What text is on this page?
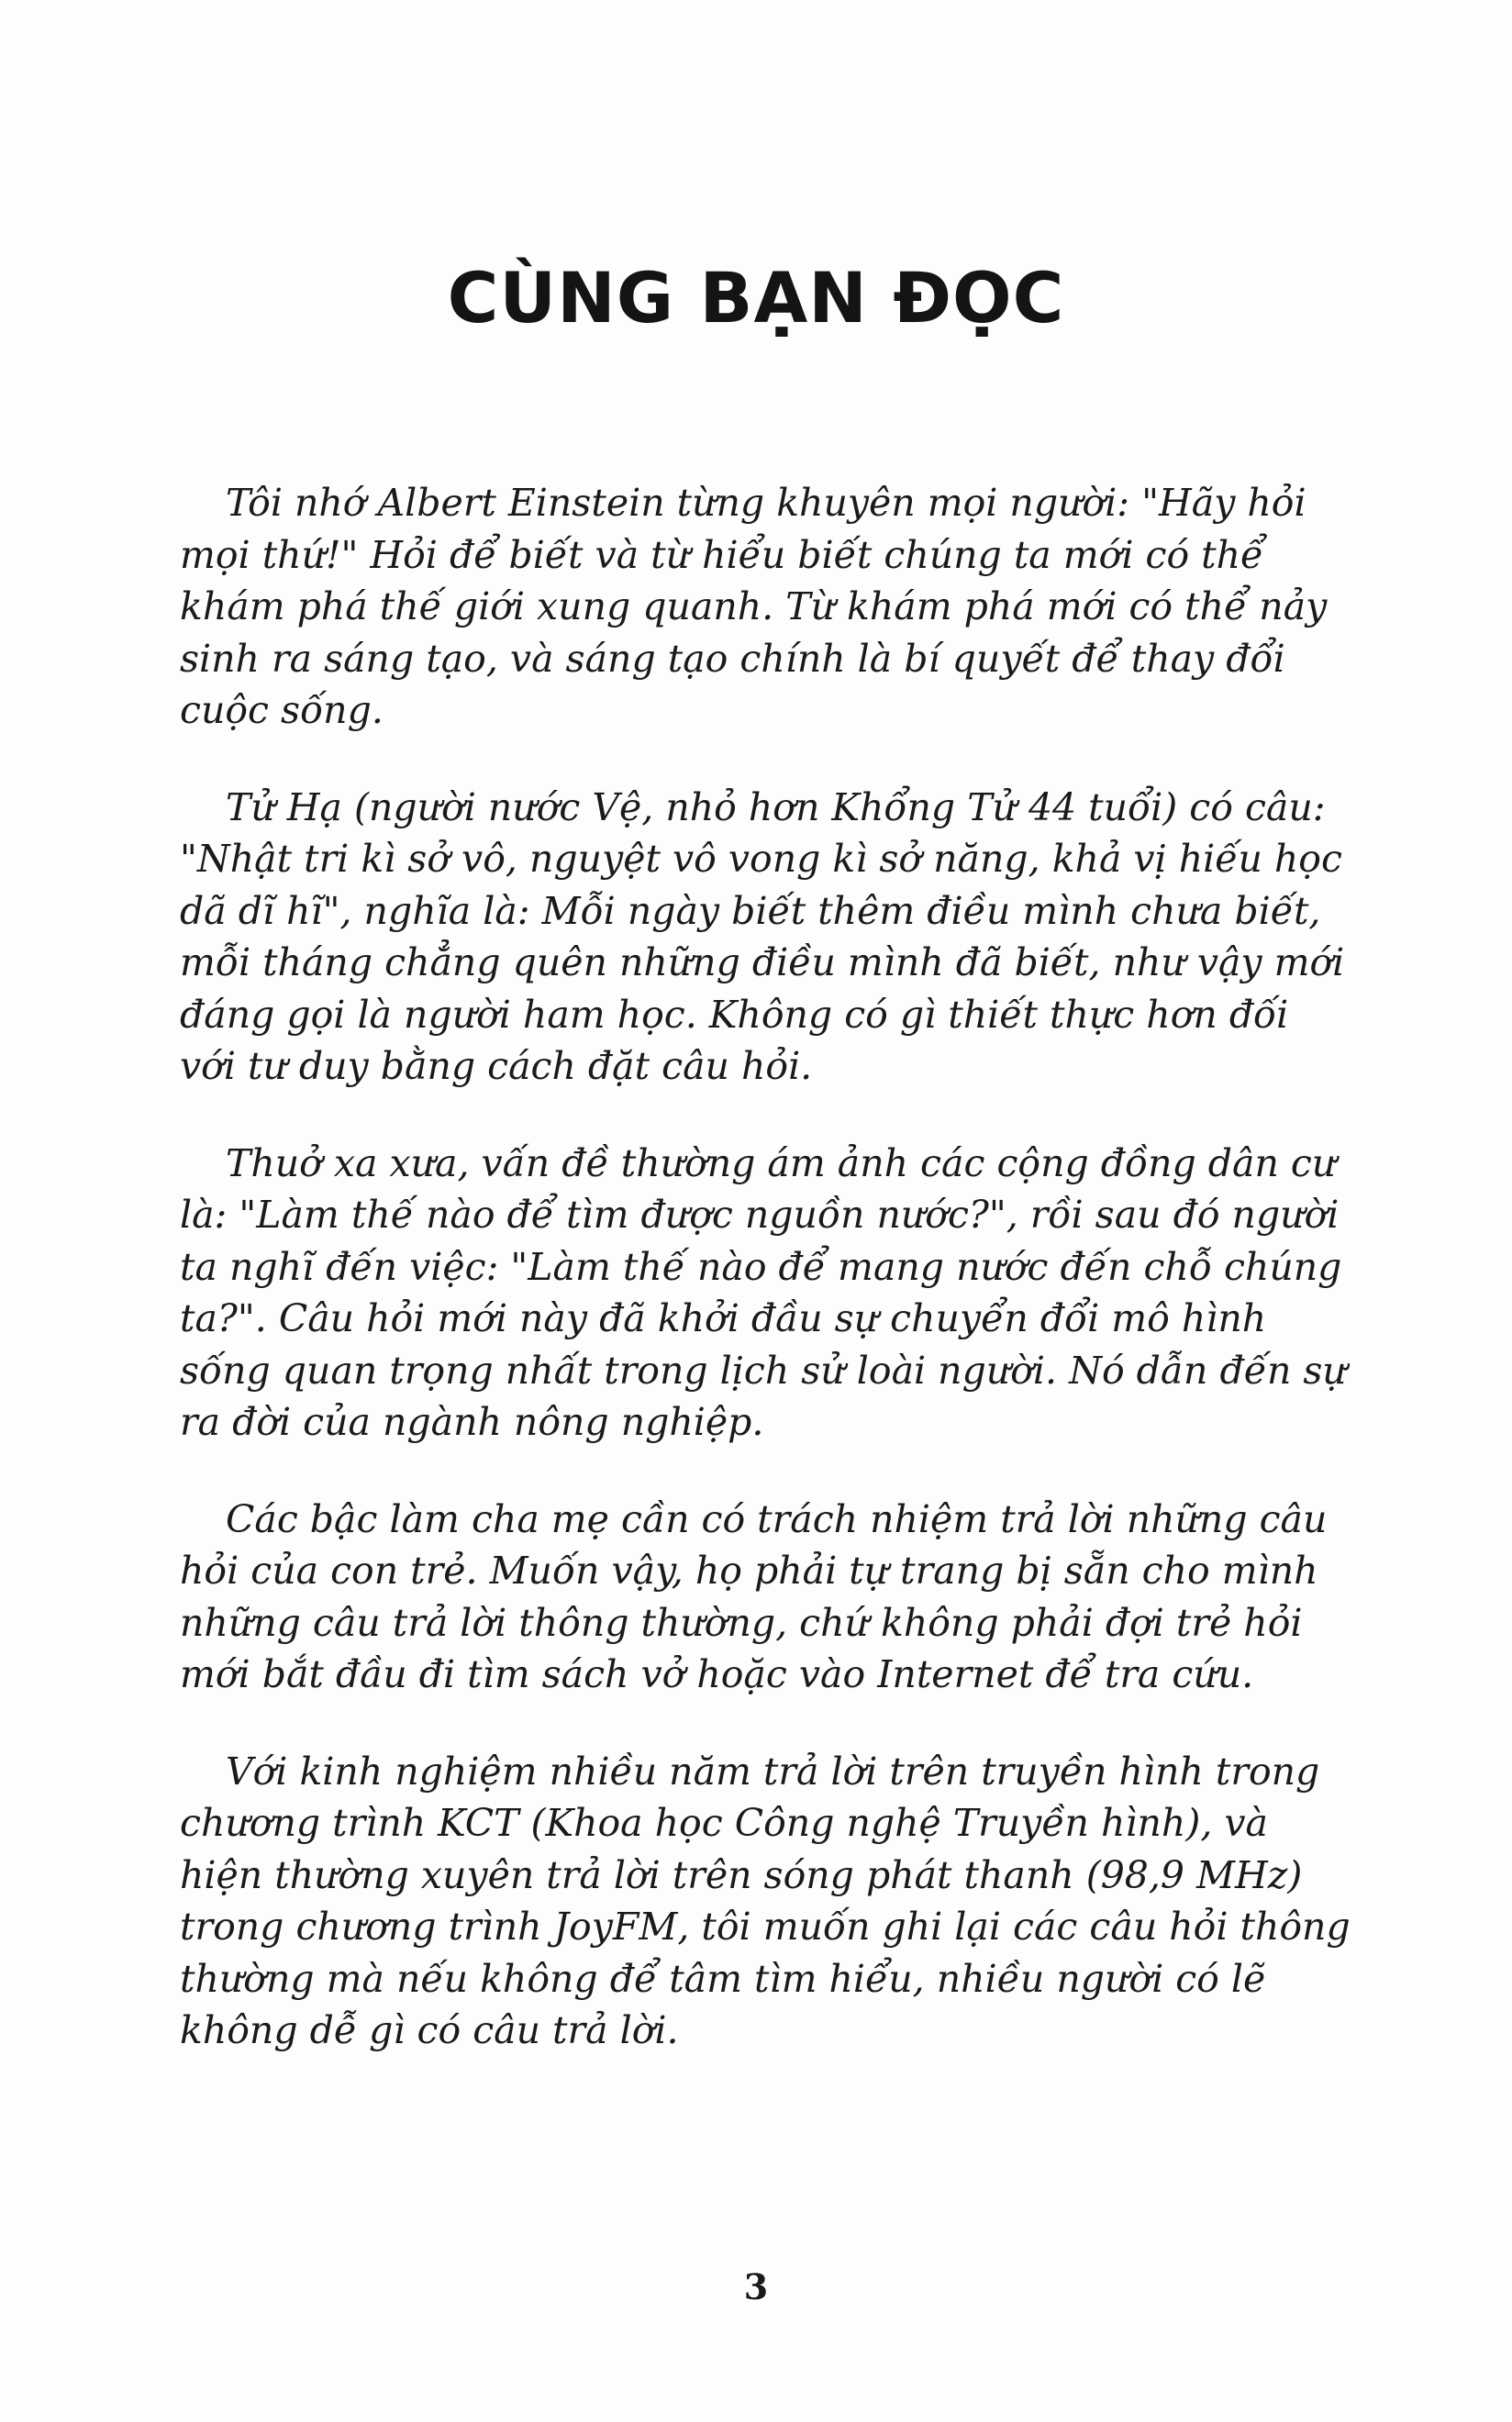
CÙNG BẠN ĐỌC

Tôi nhớ Albert Einstein từng khuyên mọi người: "Hãy hỏi mọi thứ!" Hỏi để biết và từ hiểu biết chúng ta mới có thể khám phá thế giới xung quanh. Từ khám phá mới có thể nảy sinh ra sáng tạo, và sáng tạo chính là bí quyết để thay đổi cuộc sống.

Tử Hạ (người nước Vệ, nhỏ hơn Khổng Tử 44 tuổi) có câu: "Nhật tri kì sở vô, nguyệt vô vong kì sở năng, khả vị hiếu học dã dĩ hĩ", nghĩa là: Mỗi ngày biết thêm điều mình chưa biết, mỗi tháng chẳng quên những điều mình đã biết, như vậy mới đáng gọi là người ham học. Không có gì thiết thực hơn đối với tư duy bằng cách đặt câu hỏi.

Thuở xa xưa, vấn đề thường ám ảnh các cộng đồng dân cư là: "Làm thế nào để tìm được nguồn nước?", rồi sau đó người ta nghĩ đến việc: "Làm thế nào để mang nước đến chỗ chúng ta?". Câu hỏi mới này đã khởi đầu sự chuyển đổi mô hình sống quan trọng nhất trong lịch sử loài người. Nó dẫn đến sự ra đời của ngành nông nghiệp.

Các bậc làm cha mẹ cần có trách nhiệm trả lời những câu hỏi của con trẻ. Muốn vậy, họ phải tự trang bị sẵn cho mình những câu trả lời thông thường, chứ không phải đợi trẻ hỏi mới bắt đầu đi tìm sách vở hoặc vào Internet để tra cứu.

Với kinh nghiệm nhiều năm trả lời trên truyền hình trong chương trình KCT (Khoa học Công nghệ Truyền hình), và hiện thường xuyên trả lời trên sóng phát thanh (98,9 MHz) trong chương trình JoyFM, tôi muốn ghi lại các câu hỏi thông thường mà nếu không để tâm tìm hiểu, nhiều người có lẽ không dễ gì có câu trả lời.

3
